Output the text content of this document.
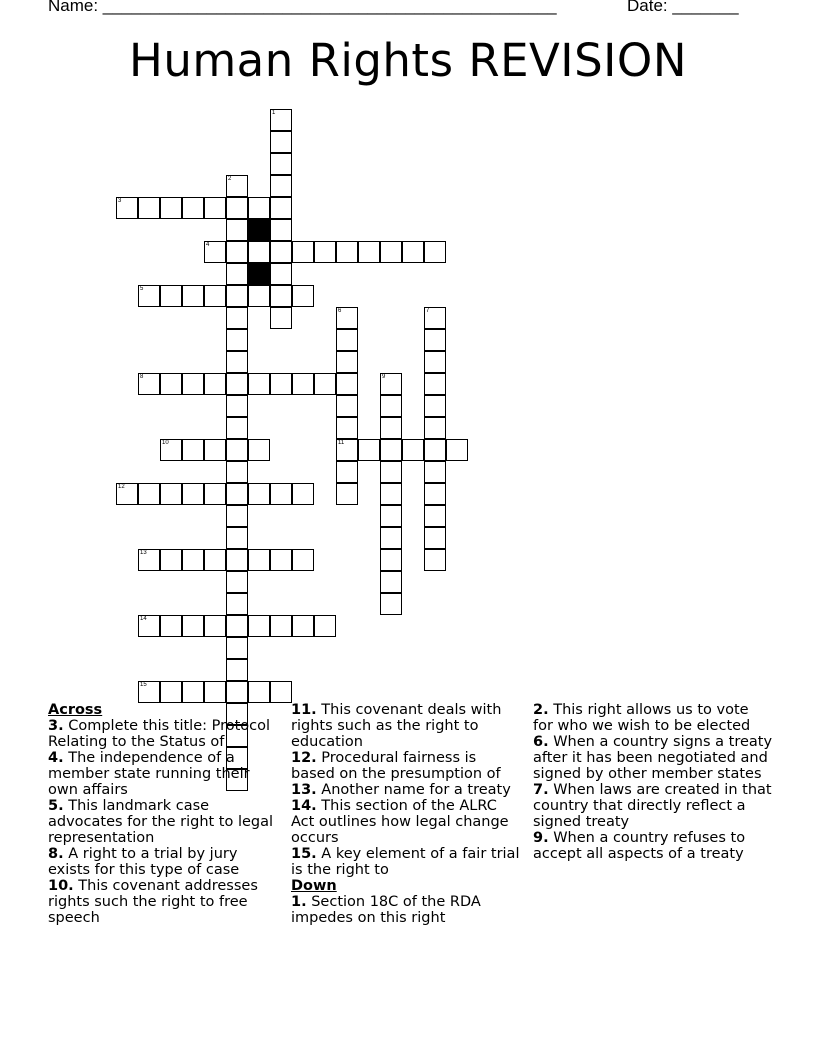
Name: ________________________________________________	Date: _______
Human Rights REVISION
1
2
3
4
5
6
11
7
8	9
10
12
13
14
15
Across
3. Complete this title: Protocol Relating to the Status of
4. The independence of a member state running their own affairs
5. This landmark case advocates for the right to legal representation
8. A right to a trial by jury exists for this type of case
10. This covenant addresses rights such the right to free speech
11. This covenant deals with rights such as the right to education
12. Procedural fairness is based on the presumption of
13. Another name for a treaty
14. This section of the ALRC Act outlines how legal change occurs
15. A key element of a fair trial is the right to
Down
1. Section 18C of the RDA impedes on this right
2. This right allows us to vote for who we wish to be elected
6. When a country signs a treaty after it has been negotiated and signed by other member states
7. When laws are created in that country that directly reflect a signed treaty
9. When a country refuses to accept all aspects of a treaty
